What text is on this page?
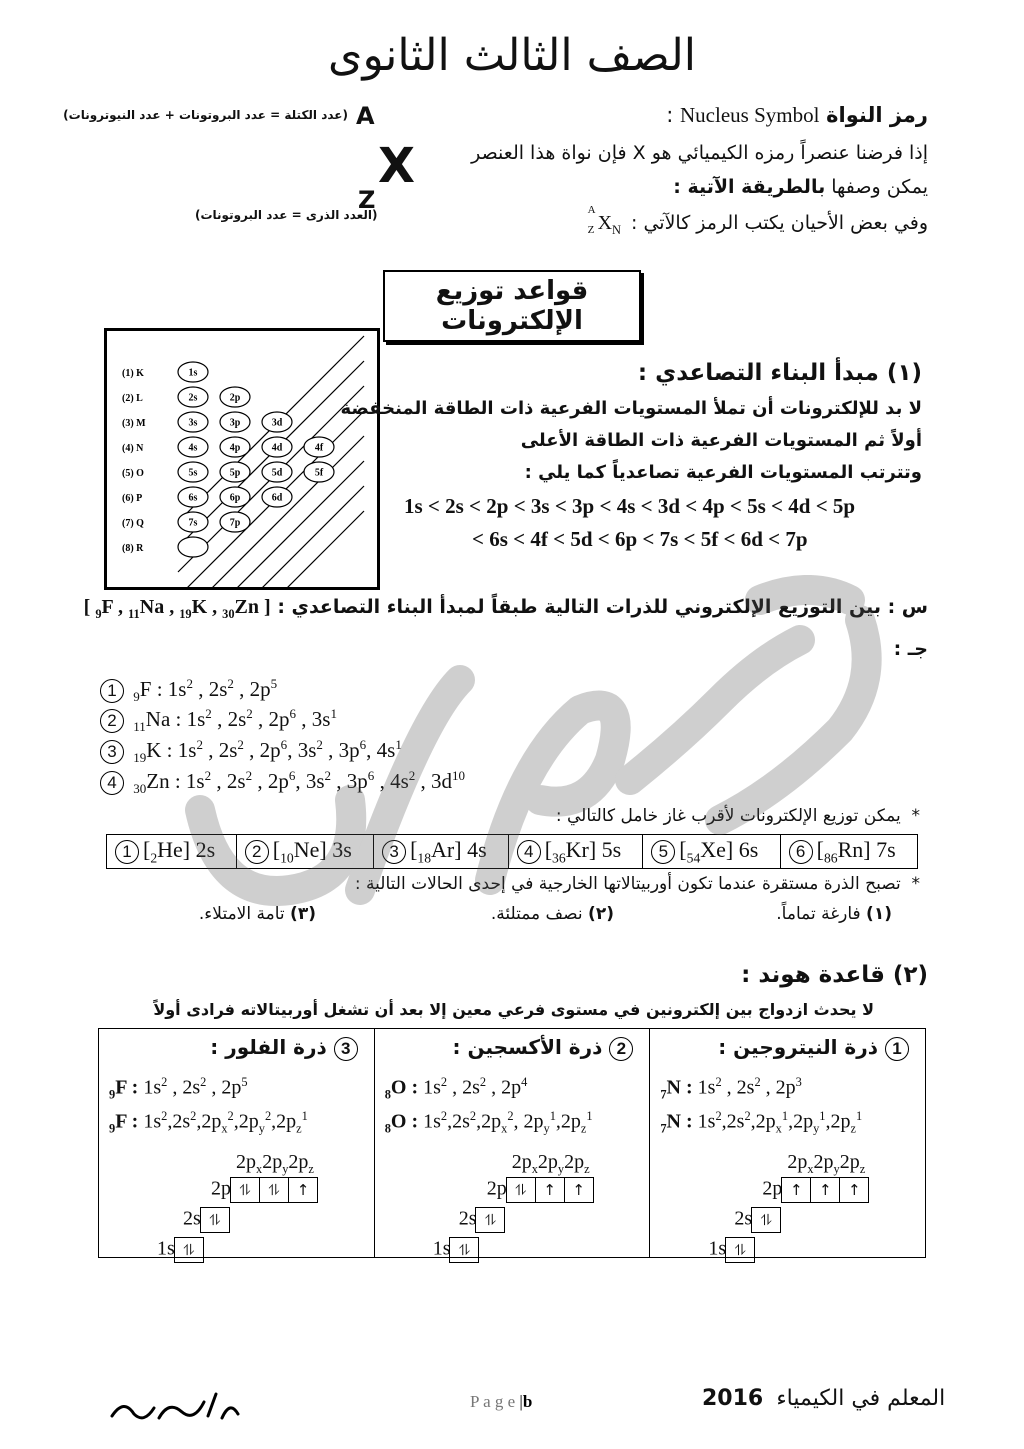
الصف الثالث الثانوى
رمز النواة Nucleus Symbol :
إذا فرضنا عنصراً رمزه الكيميائي هو X فإن نواة هذا العنصر
يمكن وصفها بالطريقة الآتية :
وفي بعض الأحيان يكتب الرمز كالآتي :
A
Z $X_N$
A
X
Z
(عدد الكتلة = عدد البروتونات + عدد النيوترونات)
(العدد الذرى = عدد البروتونات)
قواعد توزيع الإلكترونات
(1) K
(2) L
(3) M
(4) N
(5) O
(6) P
(7) Q
(8) R
1s
2s
3s
4s
5s
6s
7s
2p
3p
4p
5p
6p
7p
3d
4d
5d
6d
4f
5f
(١) مبدأ البناء التصاعدي :
لا بد للإلكترونات أن تملأ المستويات الفرعية ذات الطاقة المنخفضة
أولاً ثم المستويات الفرعية ذات الطاقة الأعلى
وتترتب المستويات الفرعية تصاعدياً كما يلي :
1s < 2s < 2p < 3s < 3p < 4s < 3d < 4p < 5s < 4d < 5p
< 6s < 4f < 5d < 6p < 7s < 5f < 6d < 7p
س : بين التوزيع الإلكتروني للذرات التالية طبقاً لمبدأ البناء التصاعدي : [ $_9$F , $_{11}$Na , $_{19}$K , $_{30}$Zn ]
جـ :
1 $_9$F : $1s^2$ , $2s^2$ , $2p^5$
2 $_{11}$Na : $1s^2$ , $2s^2$ , $2p^6$ , $3s^1$
3 $_{19}$K : $1s^2$ , $2s^2$ , $2p^6$, $3s^2$ , $3p^6$, $4s^1$
4 $_{30}$Zn : $1s^2$ , $2s^2$ , $2p^6$, $3s^2$ , $3p^6$ , $4s^2$ , $3d^{10}$
*  يمكن توزيع الإلكترونات لأقرب غاز خامل كالتالي :
1 $[_2He]$ 2s	2 $[_{10}Ne]$ 3s	3 $[_{18}Ar]$ 4s	4 $[_{36}Kr]$ 5s	5 $[_{54}Xe]$ 6s	6 $[_{86}Rn]$ 7s
*  تصبح الذرة مستقرة عندما تكون أوربيتالاتها الخارجية في إحدى الحالات التالية :
(١) فارغة تماماً.
(٢) نصف ممتلئة.
(٣) تامة الامتلاء.
(٢) قاعدة هوند :
لا يحدث ازدواج بين إلكترونين في مستوى فرعي معين إلا بعد أن تشغل أوربيتالاته فرادى أولاً
1 ذرة النيتروجين :
$_7$N : $1s^2$ , $2s^2$ , $2p^3$
$_7$N : $1s^2,2s^2,2p_x^1,2p_y^1,2p_z^1$
$2p_x2p_y2p_z$
2p ↑ ↑ ↑
2s ⥮
1s ⥮

2 ذرة الأكسجين :
$_8$O : $1s^2$ , $2s^2$ , $2p^4$
$_8$O : $1s^2,2s^2,2p_x^2$, $2p_y^1,2p_z^1$
$2p_x2p_y2p_z$
2p ⥮ ↑ ↑
2s ⥮
1s ⥮

3 ذرة الفلور :
$_9$F : $1s^2$ , $2s^2$ , $2p^5$
$_9$F : $1s^2,2s^2,2p_x^2,2p_y^2,2p_z^1$
$2p_x2p_y2p_z$
2p ⥮ ⥮ ↑
2s ⥮
1s ⥮
P a g e |b	2016 المعلم في الكيمياء
